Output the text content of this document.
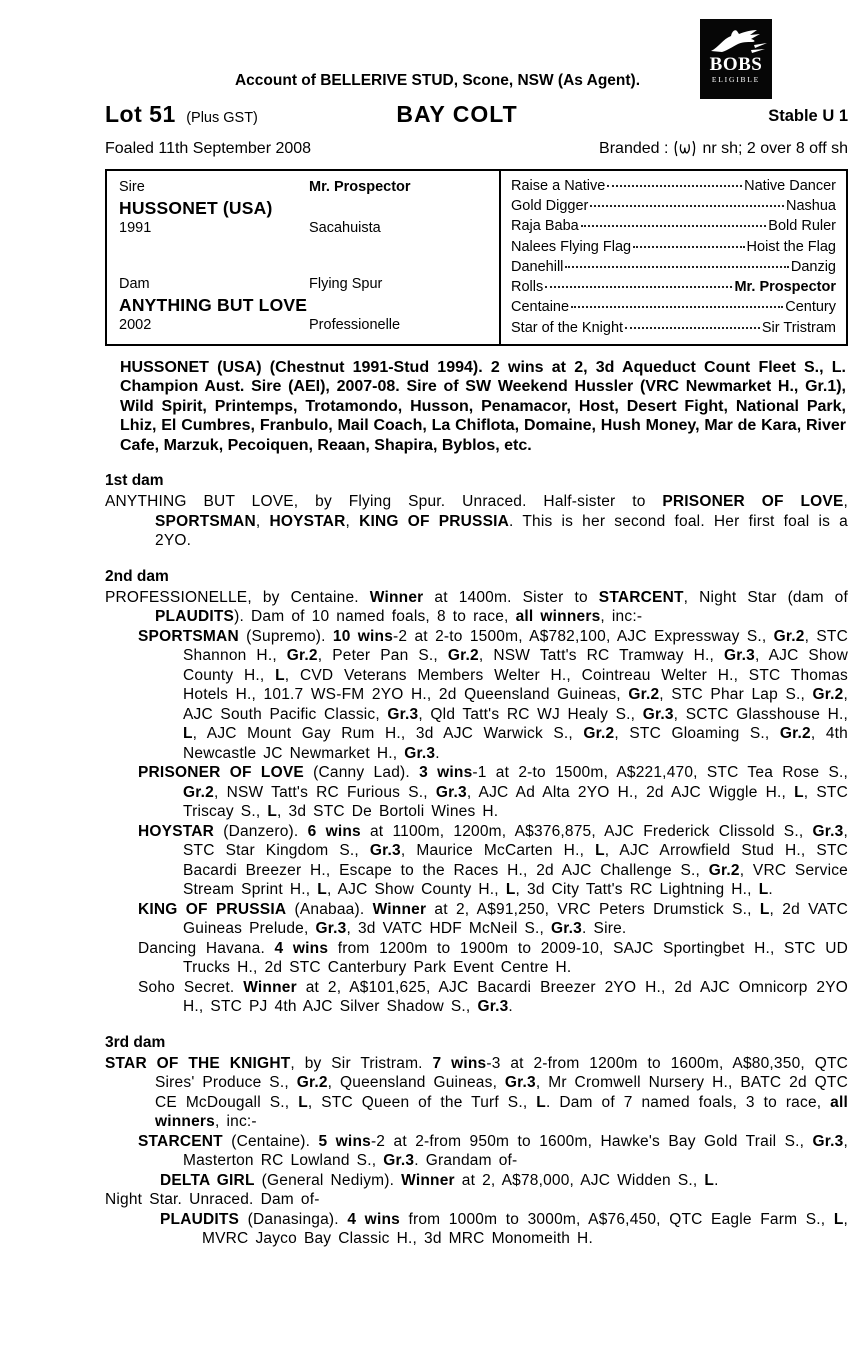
BOBS
ELIGIBLE
Account of BELLERIVE STUD, Scone, NSW (As Agent).
Lot 51 (Plus GST)	BAY COLT	Stable U 1
Foaled 11th September 2008	Branded : nr sh; 2 over 8 off sh
Sire	Mr. Prospector
HUSSONET (USA)
1991	Sacahuista
Dam	Flying Spur
ANYTHING BUT LOVE
2002	Professionelle
Raise a Native	Native Dancer
Gold Digger	Nashua
Raja Baba	Bold Ruler
Nalees Flying Flag	Hoist the Flag
Danehill	Danzig
Rolls	Mr. Prospector
Centaine	Century
Star of the Knight	Sir Tristram

HUSSONET (USA) (Chestnut 1991-Stud 1994). 2 wins at 2, 3d Aqueduct Count Fleet S., L. Champion Aust. Sire (AEI), 2007-08. Sire of SW Weekend Hussler (VRC Newmarket H., Gr.1), Wild Spirit, Printemps, Trotamondo, Husson, Penamacor, Host, Desert Fight, National Park, Lhiz, El Cumbres, Franbulo, Mail Coach, La Chiflota, Domaine, Hush Money, Mar de Kara, River Cafe, Marzuk, Pecoiquen, Reaan, Shapira, Byblos, etc.

1st dam

ANYTHING BUT LOVE, by Flying Spur. Unraced. Half-sister to PRISONER OF LOVE, SPORTSMAN, HOYSTAR, KING OF PRUSSIA. This is her second foal. Her first foal is a 2YO.

2nd dam

PROFESSIONELLE, by Centaine. Winner at 1400m. Sister to STARCENT, Night Star (dam of PLAUDITS). Dam of 10 named foals, 8 to race, all winners, inc:-

SPORTSMAN (Supremo). 10 wins-2 at 2-to 1500m, A$782,100, AJC Expressway S., Gr.2, STC Shannon H., Gr.2, Peter Pan S., Gr.2, NSW Tatt's RC Tramway H., Gr.3, AJC Show County H., L, CVD Veterans Members Welter H., Cointreau Welter H., STC Thomas Hotels H., 101.7 WS-FM 2YO H., 2d Queensland Guineas, Gr.2, STC Phar Lap S., Gr.2, AJC South Pacific Classic, Gr.3, Qld Tatt's RC WJ Healy S., Gr.3, SCTC Glasshouse H., L, AJC Mount Gay Rum H., 3d AJC Warwick S., Gr.2, STC Gloaming S., Gr.2, 4th Newcastle JC Newmarket H., Gr.3.

PRISONER OF LOVE (Canny Lad). 3 wins-1 at 2-to 1500m, A$221,470, STC Tea Rose S., Gr.2, NSW Tatt's RC Furious S., Gr.3, AJC Ad Alta 2YO H., 2d AJC Wiggle H., L, STC Triscay S., L, 3d STC De Bortoli Wines H.

HOYSTAR (Danzero). 6 wins at 1100m, 1200m, A$376,875, AJC Frederick Clissold S., Gr.3, STC Star Kingdom S., Gr.3, Maurice McCarten H., L, AJC Arrowfield Stud H., STC Bacardi Breezer H., Escape to the Races H., 2d AJC Challenge S., Gr.2, VRC Service Stream Sprint H., L, AJC Show County H., L, 3d City Tatt's RC Lightning H., L.

KING OF PRUSSIA (Anabaa). Winner at 2, A$91,250, VRC Peters Drumstick S., L, 2d VATC Guineas Prelude, Gr.3, 3d VATC HDF McNeil S., Gr.3. Sire.

Dancing Havana. 4 wins from 1200m to 1900m to 2009-10, SAJC Sportingbet H., STC UD Trucks H., 2d STC Canterbury Park Event Centre H.

Soho Secret. Winner at 2, A$101,625, AJC Bacardi Breezer 2YO H., 2d AJC Omnicorp 2YO H., STC PJ 4th AJC Silver Shadow S., Gr.3.

3rd dam

STAR OF THE KNIGHT, by Sir Tristram. 7 wins-3 at 2-from 1200m to 1600m, A$80,350, QTC Sires' Produce S., Gr.2, Queensland Guineas, Gr.3, Mr Cromwell Nursery H., BATC 2d QTC CE McDougall S., L, STC Queen of the Turf S., L. Dam of 7 named foals, 3 to race, all winners, inc:-

STARCENT (Centaine). 5 wins-2 at 2-from 950m to 1600m, Hawke's Bay Gold Trail S., Gr.3, Masterton RC Lowland S., Gr.3. Grandam of-

DELTA GIRL (General Nediym). Winner at 2, A$78,000, AJC Widden S., L.

Night Star. Unraced. Dam of-

PLAUDITS (Danasinga). 4 wins from 1000m to 3000m, A$76,450, QTC Eagle Farm S., L, MVRC Jayco Bay Classic H., 3d MRC Monomeith H.
